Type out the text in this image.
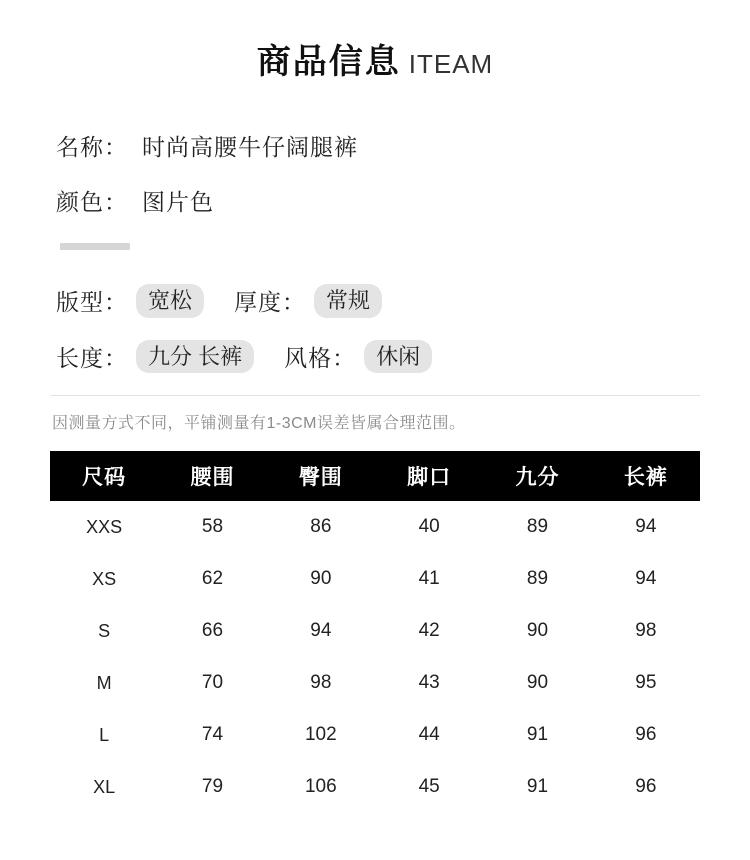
商品信息 ITEAM
名称： 时尚高腰牛仔阔腿裤
颜色： 图片色
版型： 宽松	厚度： 常规
长度： 九分 长裤	风格： 休闲
因测量方式不同，平铺测量有1-3CM误差皆属合理范围。
尺码	腰围	臀围	脚口	九分	长裤
XXS	58	86	40	89	94
XS	62	90	41	89	94
S	66	94	42	90	98
M	70	98	43	90	95
L	74	102	44	91	96
XL	79	106	45	91	96
